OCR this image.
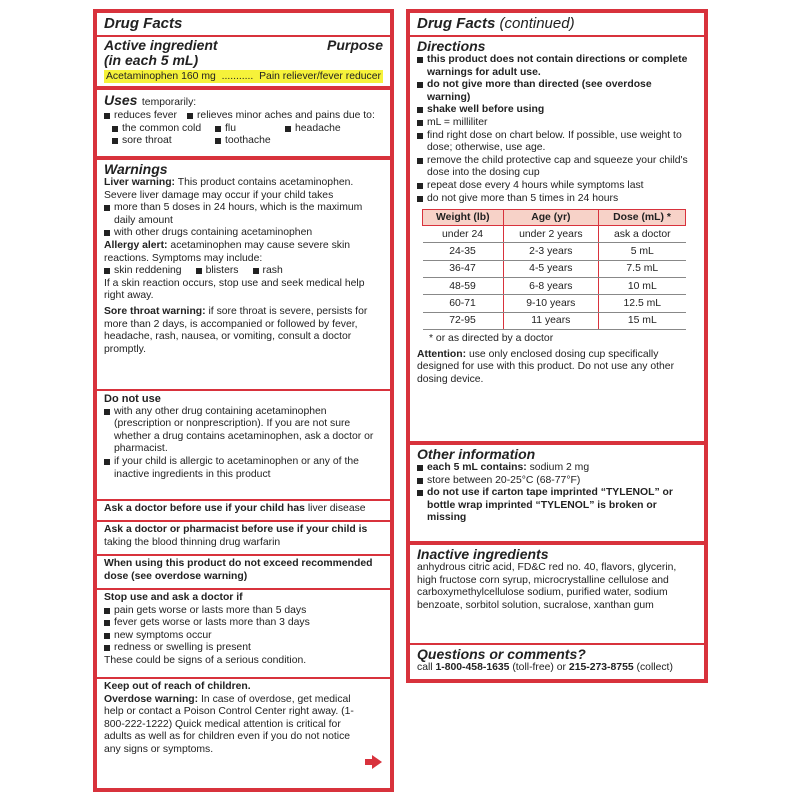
Drug Facts
Active ingredient
(in each 5 mL)
Purpose
Acetaminophen 160 mg ........... Pain reliever/fever reducer
Uses temporarily:
reduces fever	relieves minor aches and pains due to:
the common cold	flu	headache
sore throat	toothache
Warnings
Liver warning: This product contains acetaminophen. Severe liver damage may occur if your child takes
more than 5 doses in 24 hours, which is the maximum daily amount
with other drugs containing acetaminophen
Allergy alert: acetaminophen may cause severe skin reactions. Symptoms may include:
skin reddening	blisters	rash
If a skin reaction occurs, stop use and seek medical help right away.
Sore throat warning: if sore throat is severe, persists for more than 2 days, is accompanied or followed by fever, headache, rash, nausea, or vomiting, consult a doctor promptly.
Do not use
with any other drug containing acetaminophen (prescription or nonprescription). If you are not sure whether a drug contains acetaminophen, ask a doctor or pharmacist.
if your child is allergic to acetaminophen or any of the inactive ingredients in this product
Ask a doctor before use if your child has liver disease
Ask a doctor or pharmacist before use if your child is taking the blood thinning drug warfarin
When using this product do not exceed recommended dose (see overdose warning)
Stop use and ask a doctor if
pain gets worse or lasts more than 5 days
fever gets worse or lasts more than 3 days
new symptoms occur
redness or swelling is present
These could be signs of a serious condition.
Keep out of reach of children.
Overdose warning: In case of overdose, get medical help or contact a Poison Control Center right away. (1-800-222-1222) Quick medical attention is critical for adults as well as for children even if you do not notice any signs or symptoms.
Drug Facts (continued)
Directions
this product does not contain directions or complete warnings for adult use.
do not give more than directed (see overdose warning)
shake well before using
mL = milliliter
find right dose on chart below. If possible, use weight to dose; otherwise, use age.
remove the child protective cap and squeeze your child's dose into the dosing cup
repeat dose every 4 hours while symptoms last
do not give more than 5 times in 24 hours
Weight (lb)	Age (yr)	Dose (mL) *
under 24	under 2 years	ask a doctor
24-35	2-3 years	5 mL
36-47	4-5 years	7.5 mL
48-59	6-8 years	10 mL
60-71	9-10 years	12.5 mL
72-95	11 years	15 mL
* or as directed by a doctor
Attention: use only enclosed dosing cup specifically designed for use with this product. Do not use any other dosing device.
Other information
each 5 mL contains: sodium 2 mg
store between 20-25°C (68-77°F)
do not use if carton tape imprinted “TYLENOL” or bottle wrap imprinted “TYLENOL” is broken or missing
Inactive ingredients
anhydrous citric acid, FD&C red no. 40, flavors, glycerin, high fructose corn syrup, microcrystalline cellulose and carboxymethylcellulose sodium, purified water, sodium benzoate, sorbitol solution, sucralose, xanthan gum
Questions or comments?
call 1-800-458-1635 (toll-free) or 215-273-8755 (collect)
